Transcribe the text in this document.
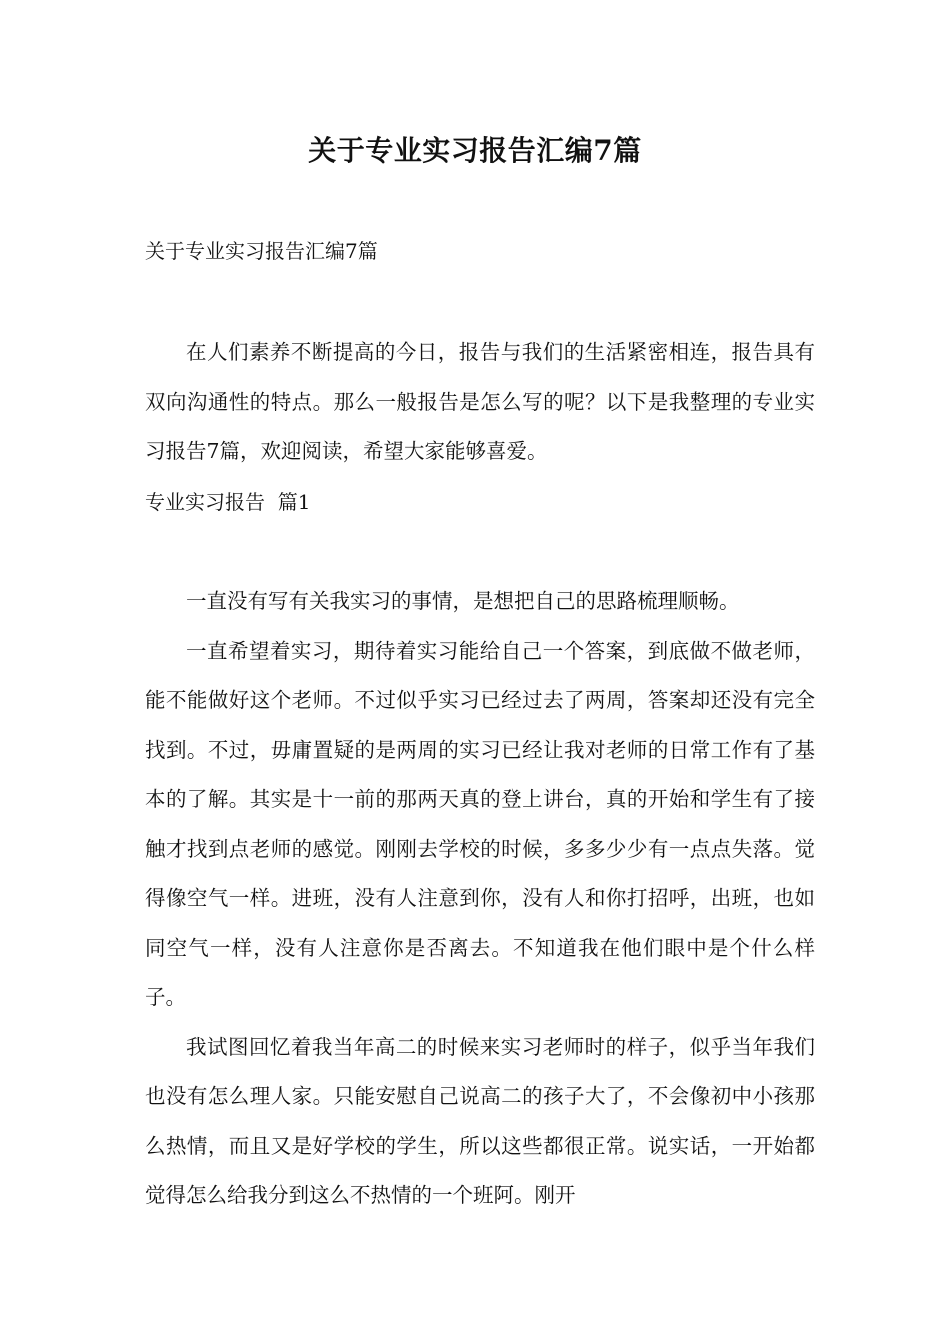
关于专业实习报告汇编7篇
关于专业实习报告汇编7篇

在人们素养不断提高的今日，报告与我们的生活紧密相连，报告具有双向沟通性的特点。那么一般报告是怎么写的呢？以下是我整理的专业实习报告7篇，欢迎阅读，希望大家能够喜爱。

专业实习报告  篇1

一直没有写有关我实习的事情，是想把自己的思路梳理顺畅。

一直希望着实习，期待着实习能给自己一个答案，到底做不做老师，能不能做好这个老师。不过似乎实习已经过去了两周，答案却还没有完全找到。不过，毋庸置疑的是两周的实习已经让我对老师的日常工作有了基本的了解。其实是十一前的那两天真的登上讲台，真的开始和学生有了接触才找到点老师的感觉。刚刚去学校的时候，多多少少有一点点失落。觉得像空气一样。进班，没有人注意到你，没有人和你打招呼，出班，也如同空气一样，没有人注意你是否离去。不知道我在他们眼中是个什么样子。

我试图回忆着我当年高二的时候来实习老师时的样子，似乎当年我们也没有怎么理人家。只能安慰自己说高二的孩子大了，不会像初中小孩那么热情，而且又是好学校的学生，所以这些都很正常。说实话，一开始都觉得怎么给我分到这么不热情的一个班阿。刚开
